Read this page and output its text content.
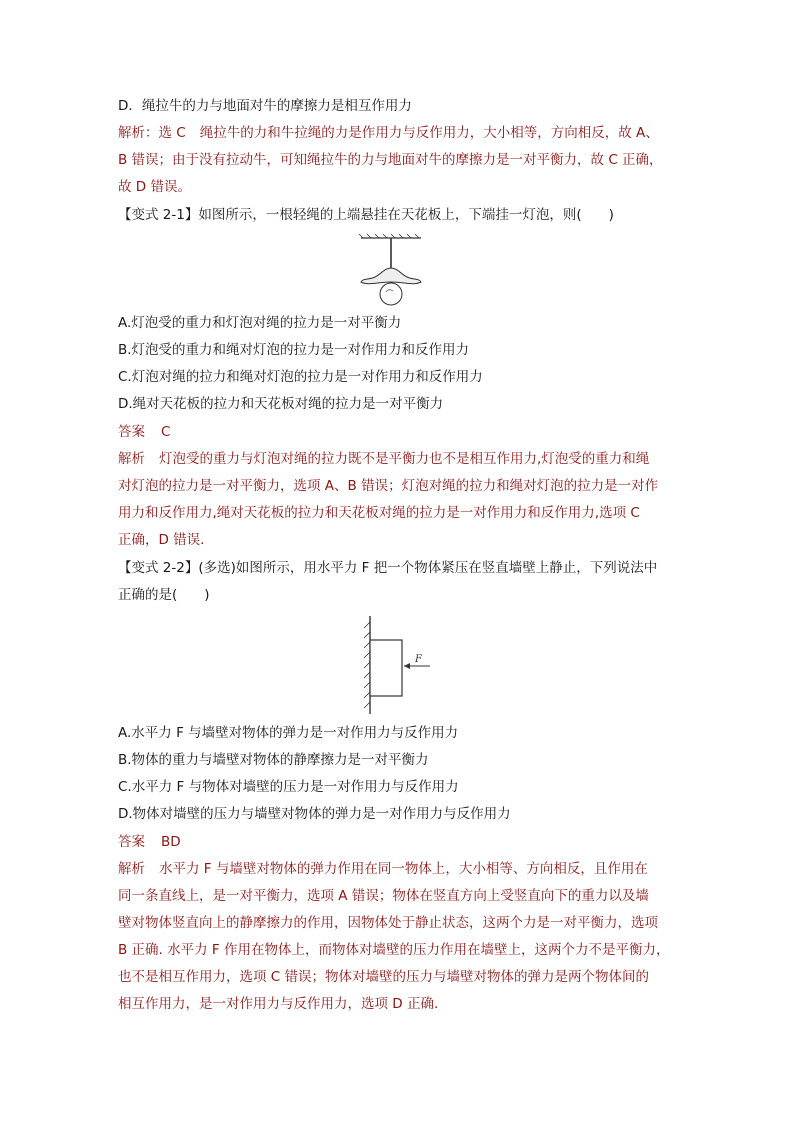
D．绳拉牛的力与地面对牛的摩擦力是相互作用力
解析：选 C 绳拉牛的力和牛拉绳的力是作用力与反作用力，大小相等，方向相反，故 A、
B 错误；由于没有拉动牛，可知绳拉牛的力与地面对牛的摩擦力是一对平衡力，故 C 正确，
故 D 错误。
【变式 2-1】如图所示，一根轻绳的上端悬挂在天花板上，下端挂一灯泡，则(　　)
A.灯泡受的重力和灯泡对绳的拉力是一对平衡力
B.灯泡受的重力和绳对灯泡的拉力是一对作用力和反作用力
C.灯泡对绳的拉力和绳对灯泡的拉力是一对作用力和反作用力
D.绳对天花板的拉力和天花板对绳的拉力是一对平衡力
答案 C
解析 灯泡受的重力与灯泡对绳的拉力既不是平衡力也不是相互作用力,灯泡受的重力和绳
对灯泡的拉力是一对平衡力，选项 A、B 错误；灯泡对绳的拉力和绳对灯泡的拉力是一对作
用力和反作用力,绳对天花板的拉力和天花板对绳的拉力是一对作用力和反作用力,选项 C
正确，D 错误.
【变式 2-2】(多选)如图所示，用水平力 F 把一个物体紧压在竖直墙壁上静止，下列说法中
正确的是(　　)
F
A.水平力 F 与墙壁对物体的弹力是一对作用力与反作用力
B.物体的重力与墙壁对物体的静摩擦力是一对平衡力
C.水平力 F 与物体对墙壁的压力是一对作用力与反作用力
D.物体对墙壁的压力与墙壁对物体的弹力是一对作用力与反作用力
答案 BD
解析 水平力 F 与墙壁对物体的弹力作用在同一物体上，大小相等、方向相反，且作用在
同一条直线上，是一对平衡力，选项 A 错误；物体在竖直方向上受竖直向下的重力以及墙
壁对物体竖直向上的静摩擦力的作用，因物体处于静止状态，这两个力是一对平衡力，选项
B 正确. 水平力 F 作用在物体上，而物体对墙壁的压力作用在墙壁上，这两个力不是平衡力，
也不是相互作用力，选项 C 错误；物体对墙壁的压力与墙壁对物体的弹力是两个物体间的
相互作用力，是一对作用力与反作用力，选项 D 正确.
